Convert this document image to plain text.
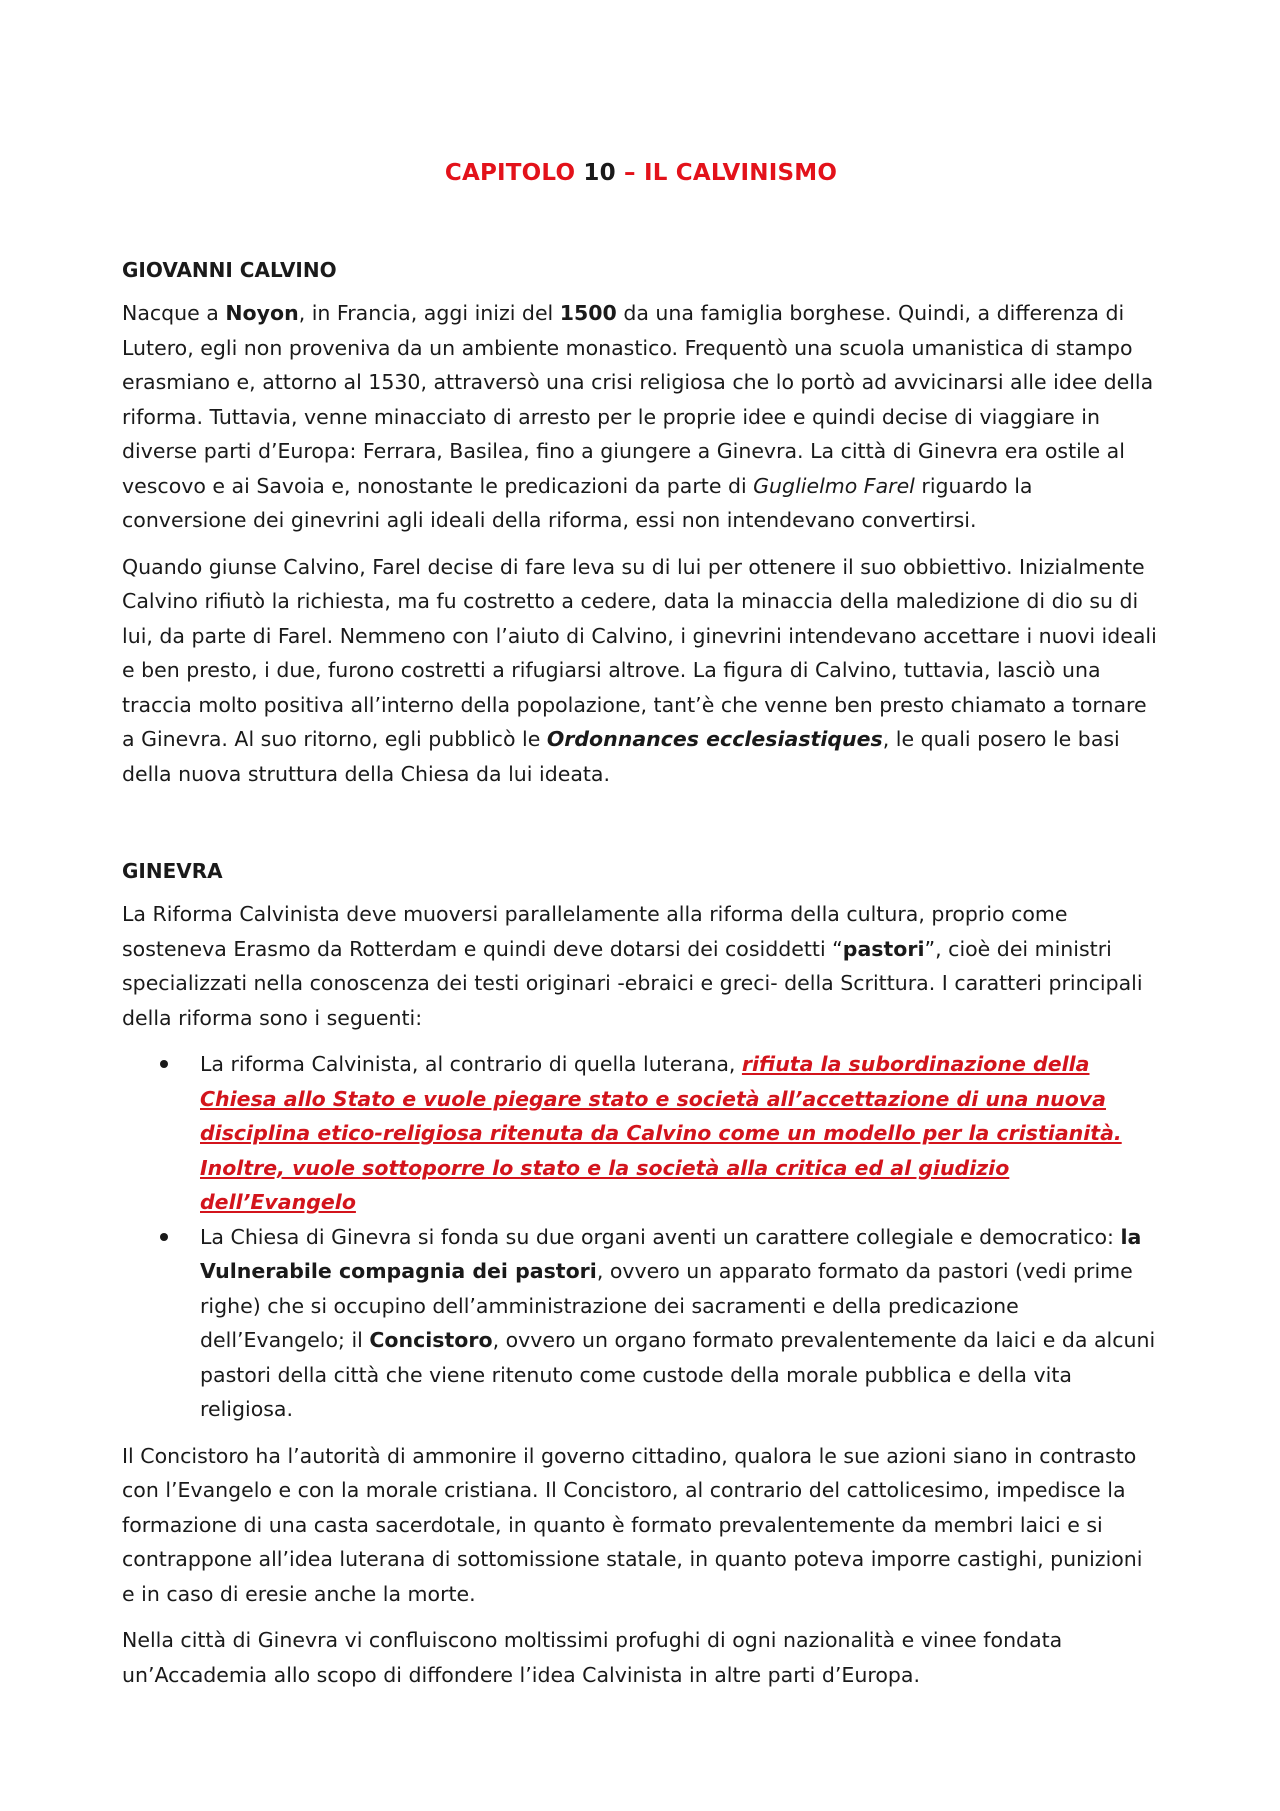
CAPITOLO 10 – IL CALVINISMO
GIOVANNI CALVINO

Nacque a Noyon, in Francia, aggi inizi del 1500 da una famiglia borghese. Quindi, a differenza di Lutero, egli non proveniva da un ambiente monastico. Frequentò una scuola umanistica di stampo erasmiano e, attorno al 1530, attraversò una crisi religiosa che lo portò ad avvicinarsi alle idee della riforma. Tuttavia, venne minacciato di arresto per le proprie idee e quindi decise di viaggiare in diverse parti d’Europa: Ferrara, Basilea, fino a giungere a Ginevra. La città di Ginevra era ostile al vescovo e ai Savoia e, nonostante le predicazioni da parte di Guglielmo Farel riguardo la conversione dei ginevrini agli ideali della riforma, essi non intendevano convertirsi.

Quando giunse Calvino, Farel decise di fare leva su di lui per ottenere il suo obbiettivo. Inizialmente Calvino rifiutò la richiesta, ma fu costretto a cedere, data la minaccia della maledizione di dio su di lui, da parte di Farel. Nemmeno con l’aiuto di Calvino, i ginevrini intendevano accettare i nuovi ideali e ben presto, i due, furono costretti a rifugiarsi altrove. La figura di Calvino, tuttavia, lasciò una traccia molto positiva all’interno della popolazione, tant’è che venne ben presto chiamato a tornare a Ginevra. Al suo ritorno, egli pubblicò le Ordonnances ecclesiastiques, le quali posero le basi della nuova struttura della Chiesa da lui ideata.

GINEVRA

La Riforma Calvinista deve muoversi parallelamente alla riforma della cultura, proprio come sosteneva Erasmo da Rotterdam e quindi deve dotarsi dei cosiddetti “pastori”, cioè dei ministri specializzati nella conoscenza dei testi originari -ebraici e greci- della Scrittura. I caratteri principali della riforma sono i seguenti:

La riforma Calvinista, al contrario di quella luterana, rifiuta la subordinazione della Chiesa allo Stato e vuole piegare stato e società all’accettazione di una nuova disciplina etico-religiosa ritenuta da Calvino come un modello per la cristianità. Inoltre, vuole sottoporre lo stato e la società alla critica ed al giudizio dell’Evangelo
La Chiesa di Ginevra si fonda su due organi aventi un carattere collegiale e democratico: la Vulnerabile compagnia dei pastori, ovvero un apparato formato da pastori (vedi prime righe) che si occupino dell’amministrazione dei sacramenti e della predicazione dell’Evangelo; il Concistoro, ovvero un organo formato prevalentemente da laici e da alcuni pastori della città che viene ritenuto come custode della morale pubblica e della vita religiosa.

Il Concistoro ha l’autorità di ammonire il governo cittadino, qualora le sue azioni siano in contrasto con l’Evangelo e con la morale cristiana. Il Concistoro, al contrario del cattolicesimo, impedisce la formazione di una casta sacerdotale, in quanto è formato prevalentemente da membri laici e si contrappone all’idea luterana di sottomissione statale, in quanto poteva imporre castighi, punizioni e in caso di eresie anche la morte.

Nella città di Ginevra vi confluiscono moltissimi profughi di ogni nazionalità e vinee fondata un’Accademia allo scopo di diffondere l’idea Calvinista in altre parti d’Europa.
